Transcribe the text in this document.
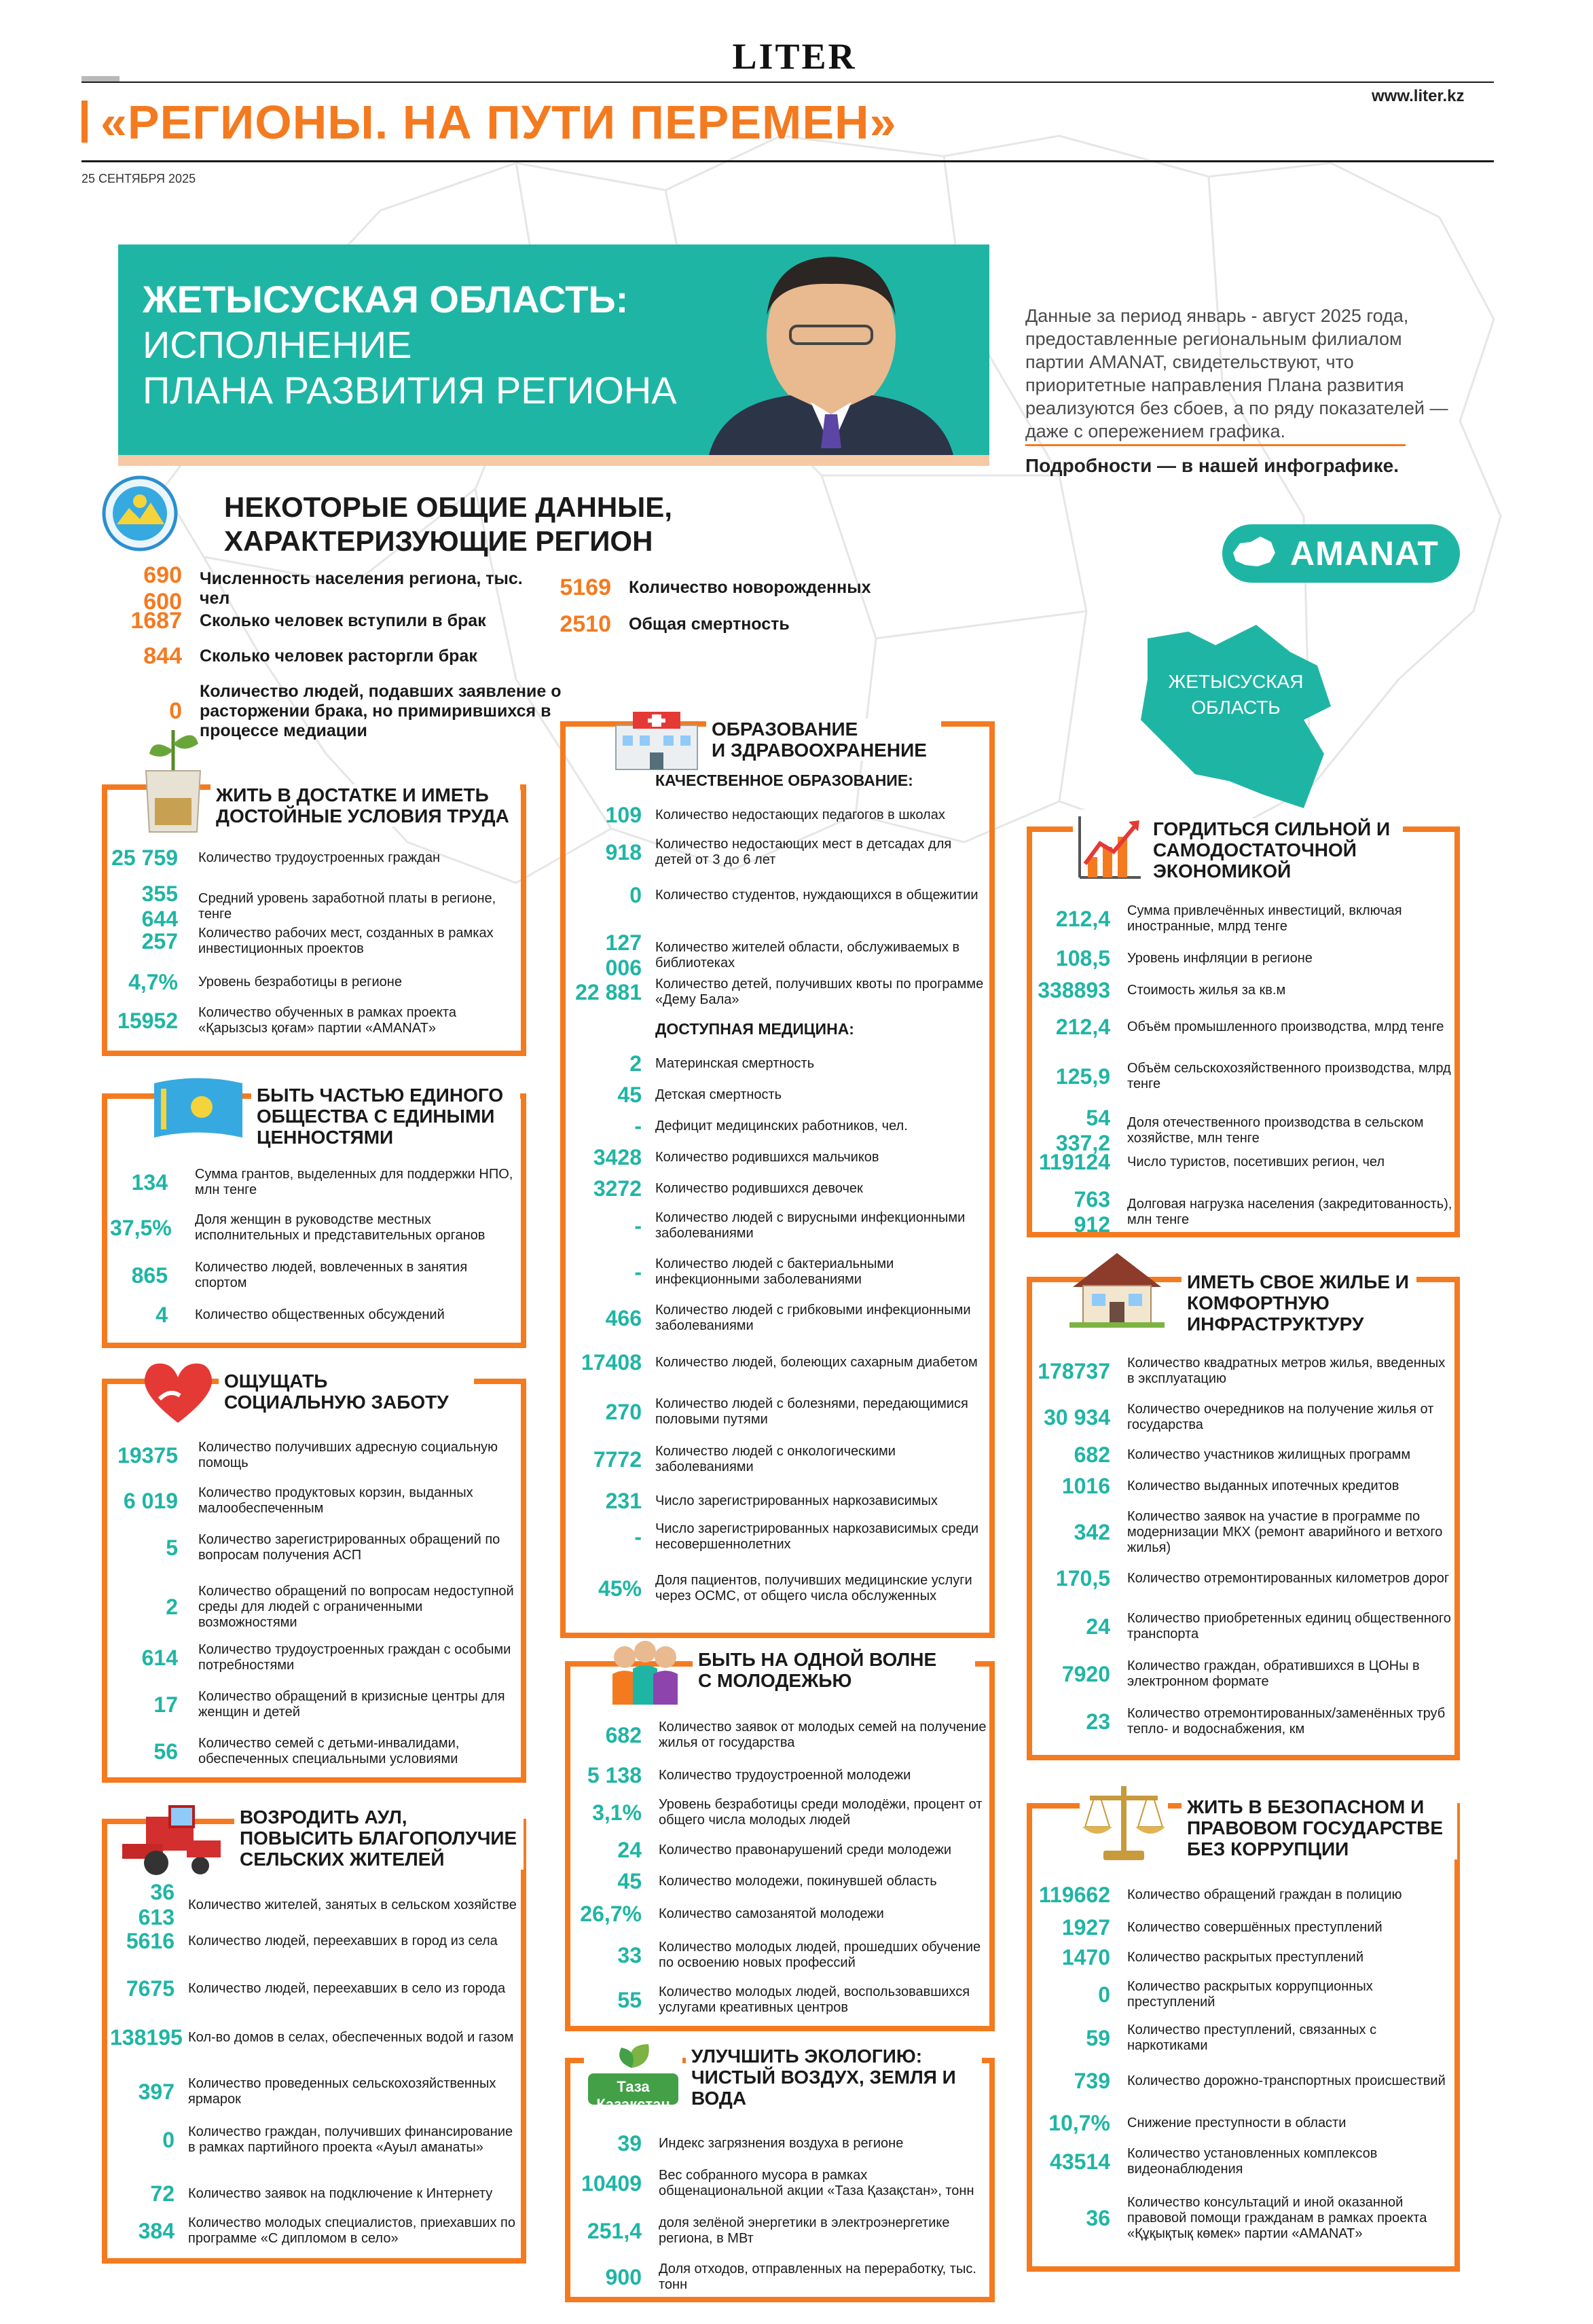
LITER
«РЕГИОНЫ. НА ПУТИ ПЕРЕМЕН»	www.liter.kz
25 СЕНТЯБРЯ 2025
ЖЕТЫСУСКАЯ ОБЛАСТЬ:
ИСПОЛНЕНИЕ
ПЛАНА РАЗВИТИЯ РЕГИОНА
Данные за период январь - август 2025 года, предоставленные региональным филиалом партии AMANAT, свидетельствуют, что приоритетные направления Плана развития реализуются без сбоев, а по ряду показателей — даже с опережением графика.
Подробности — в нашей инфографике.
AMANAT
ЖЕТЫСУСКАЯ
ОБЛАСТЬ
НЕКОТОРЫЕ ОБЩИЕ ДАННЫЕ,
ХАРАКТЕРИЗУЮЩИЕ РЕГИОН
690 600
Численность населения региона, тыс. чел
1687	Сколько человек вступили в брак
844	Сколько человек расторгли брак
0
Количество людей, подавших заявление о расторжении брака, но примирившихся в процессе медиации
5169	Количество новорожденных
2510	Общая смертность
ЖИТЬ В ДОСТАТКЕ И ИМЕТЬ ДОСТОЙНЫЕ УСЛОВИЯ ТРУДА
25 759	Количество трудоустроенных граждан
355 644
Средний уровень заработной платы в регионе, тенге
257	Количество рабочих мест, созданных в рамках инвестиционных проектов
4,7%	Уровень безработицы в регионе
15952	Количество обученных в рамках проекта «Қарызсыз қоғам» партии «AMANAT»
БЫТЬ ЧАСТЬЮ ЕДИНОГО ОБЩЕСТВА С ЕДИНЫМИ ЦЕННОСТЯМИ
134	Сумма грантов, выделенных для поддержки НПО, млн тенге
37,5%	Доля женщин в руководстве местных исполнительных и представительных органов
865	Количество людей, вовлеченных в занятия спортом
4	Количество общественных обсуждений
ОЩУЩАТЬ
СОЦИАЛЬНУЮ ЗАБОТУ
19375	Количество получивших адресную социальную помощь
6 019	Количество продуктовых корзин, выданных малообеспеченным
5	Количество зарегистрированных обращений по вопросам получения АСП
2
Количество обращений по вопросам недоступной среды для людей с ограниченными возможностями
614	Количество трудоустроенных граждан с особыми потребностями
17	Количество обращений в кризисные центры для женщин и детей
56	Количество семей с детьми-инвалидами, обеспеченных специальными условиями
ВОЗРОДИТЬ АУЛ, ПОВЫСИТЬ БЛАГОПОЛУЧИЕ СЕЛЬСКИХ ЖИТЕЛЕЙ
36 613
Количество жителей, занятых в сельском хозяйстве
5616	Количество людей, переехавших в город из села
7675	Количество людей, переехавших в село из города
138195 Кол-во домов в селах, обеспеченных водой и газом
397	Количество проведенных сельскохозяйственных ярмарок
0	Количество граждан, получивших финансирование в рамках партийного проекта «Ауыл аманаты»
72	Количество заявок на подключение к Интернету
384	Количество молодых специалистов, приехавших по программе «С дипломом в село»
ОБРАЗОВАНИЕ
И ЗДРАВООХРАНЕНИЕ
КАЧЕСТВЕННОЕ ОБРАЗОВАНИЕ:
109	Количество недостающих педагогов в школах
918	Количество недостающих мест в детсадах для детей от 3 до 6 лет
0	Количество студентов, нуждающихся в общежитии
127 006
Количество жителей области, обслуживаемых в библиотеках
22 881	Количество детей, получивших квоты по программе «Дему Бала»
ДОСТУПНАЯ МЕДИЦИНА:
2	Материнская смертность
45	Детская смертность
-	Дефицит медицинских работников, чел.
3428	Количество родившихся мальчиков
3272	Количество родившихся девочек
-	Количество людей с вирусными инфекционными заболеваниями
-	Количество людей с бактериальными инфекционными заболеваниями
466	Количество людей с грибковыми инфекционными заболеваниями
17408	Количество людей, болеющих сахарным диабетом
270	Количество людей с болезнями, передающимися половыми путями
7772	Количество людей с онкологическими заболеваниями
231	Число зарегистрированных наркозависимых
-	Число зарегистрированных наркозависимых среди несовершеннолетних
45%	Доля пациентов, получивших медицинские услуги через ОСМС, от общего числа обслуженных
БЫТЬ НА ОДНОЙ ВОЛНЕ
С МОЛОДЕЖЬЮ
682	Количество заявок от молодых семей на получение жилья от государства
5 138	Количество трудоустроенной молодежи
3,1%	Уровень безработицы среди молодёжи, процент от общего числа молодых людей
24	Количество правонарушений среди молодежи
45	Количество молодежи, покинувшей область
26,7%	Количество самозанятой молодежи
33	Количество молодых людей, прошедших обучение по освоению новых профессий
55	Количество молодых людей, воспользовавшихся услугами креативных центров
Таза Қазақстан
УЛУЧШИТЬ ЭКОЛОГИЮ: ЧИСТЫЙ ВОЗДУХ, ЗЕМЛЯ И ВОДА
39	Индекс загрязнения воздуха в регионе
10409	Вес собранного мусора в рамках общенациональной акции «Таза Қазақстан», тонн
251,4	доля зелёной энергетики в электроэнергетике региона, в МВт
900	Доля отходов, отправленных на переработку, тыс. тонн
ГОРДИТЬСЯ СИЛЬНОЙ И САМОДОСТАТОЧНОЙ ЭКОНОМИКОЙ
212,4	Сумма привлечённых инвестиций, включая иностранные, млрд тенге
108,5	Уровень инфляции в регионе
338893	Стоимость жилья за кв.м
212,4	Объём промышленного производства, млрд тенге
125,9	Объём сельскохозяйственного производства, млрд тенге
54 337,2
Доля отечественного производства в сельском хозяйстве, млн тенге
119124	Число туристов, посетивших регион, чел
763 912
Долговая нагрузка населения (закредитованность), млн тенге
ИМЕТЬ СВОЕ ЖИЛЬЕ И КОМФОРТНУЮ ИНФРАСТРУКТУРУ
178737	Количество квадратных метров жилья, введенных в эксплуатацию
30 934	Количество очередников на получение жилья от государства
682	Количество участников жилищных программ
1016	Количество выданных ипотечных кредитов
342
Количество заявок на участие в программе по модернизации МКХ (ремонт аварийного и ветхого жилья)
170,5	Количество отремонтированных километров дорог
24	Количество приобретенных единиц общественного транспорта
7920	Количество граждан, обратившихся в ЦОНы в электронном формате
23	Количество отремонтированных/заменённых труб тепло- и водоснабжения, км
ЖИТЬ В БЕЗОПАСНОМ И ПРАВОВОМ ГОСУДАРСТВЕ БЕЗ КОРРУПЦИИ
119662	Количество обращений граждан в полицию
1927	Количество совершённых преступлений
1470	Количество раскрытых преступлений
0	Количество раскрытых коррупционных преступлений
59	Количество преступлений, связанных с наркотиками
739	Количество дорожно-транспортных происшествий
10,7%	Снижение преступности в области
43514	Количество установленных комплексов видеонаблюдения
36
Количество консультаций и иной оказанной правовой помощи гражданам в рамках проекта «Құқықтық көмек» партии «AMANAT»
